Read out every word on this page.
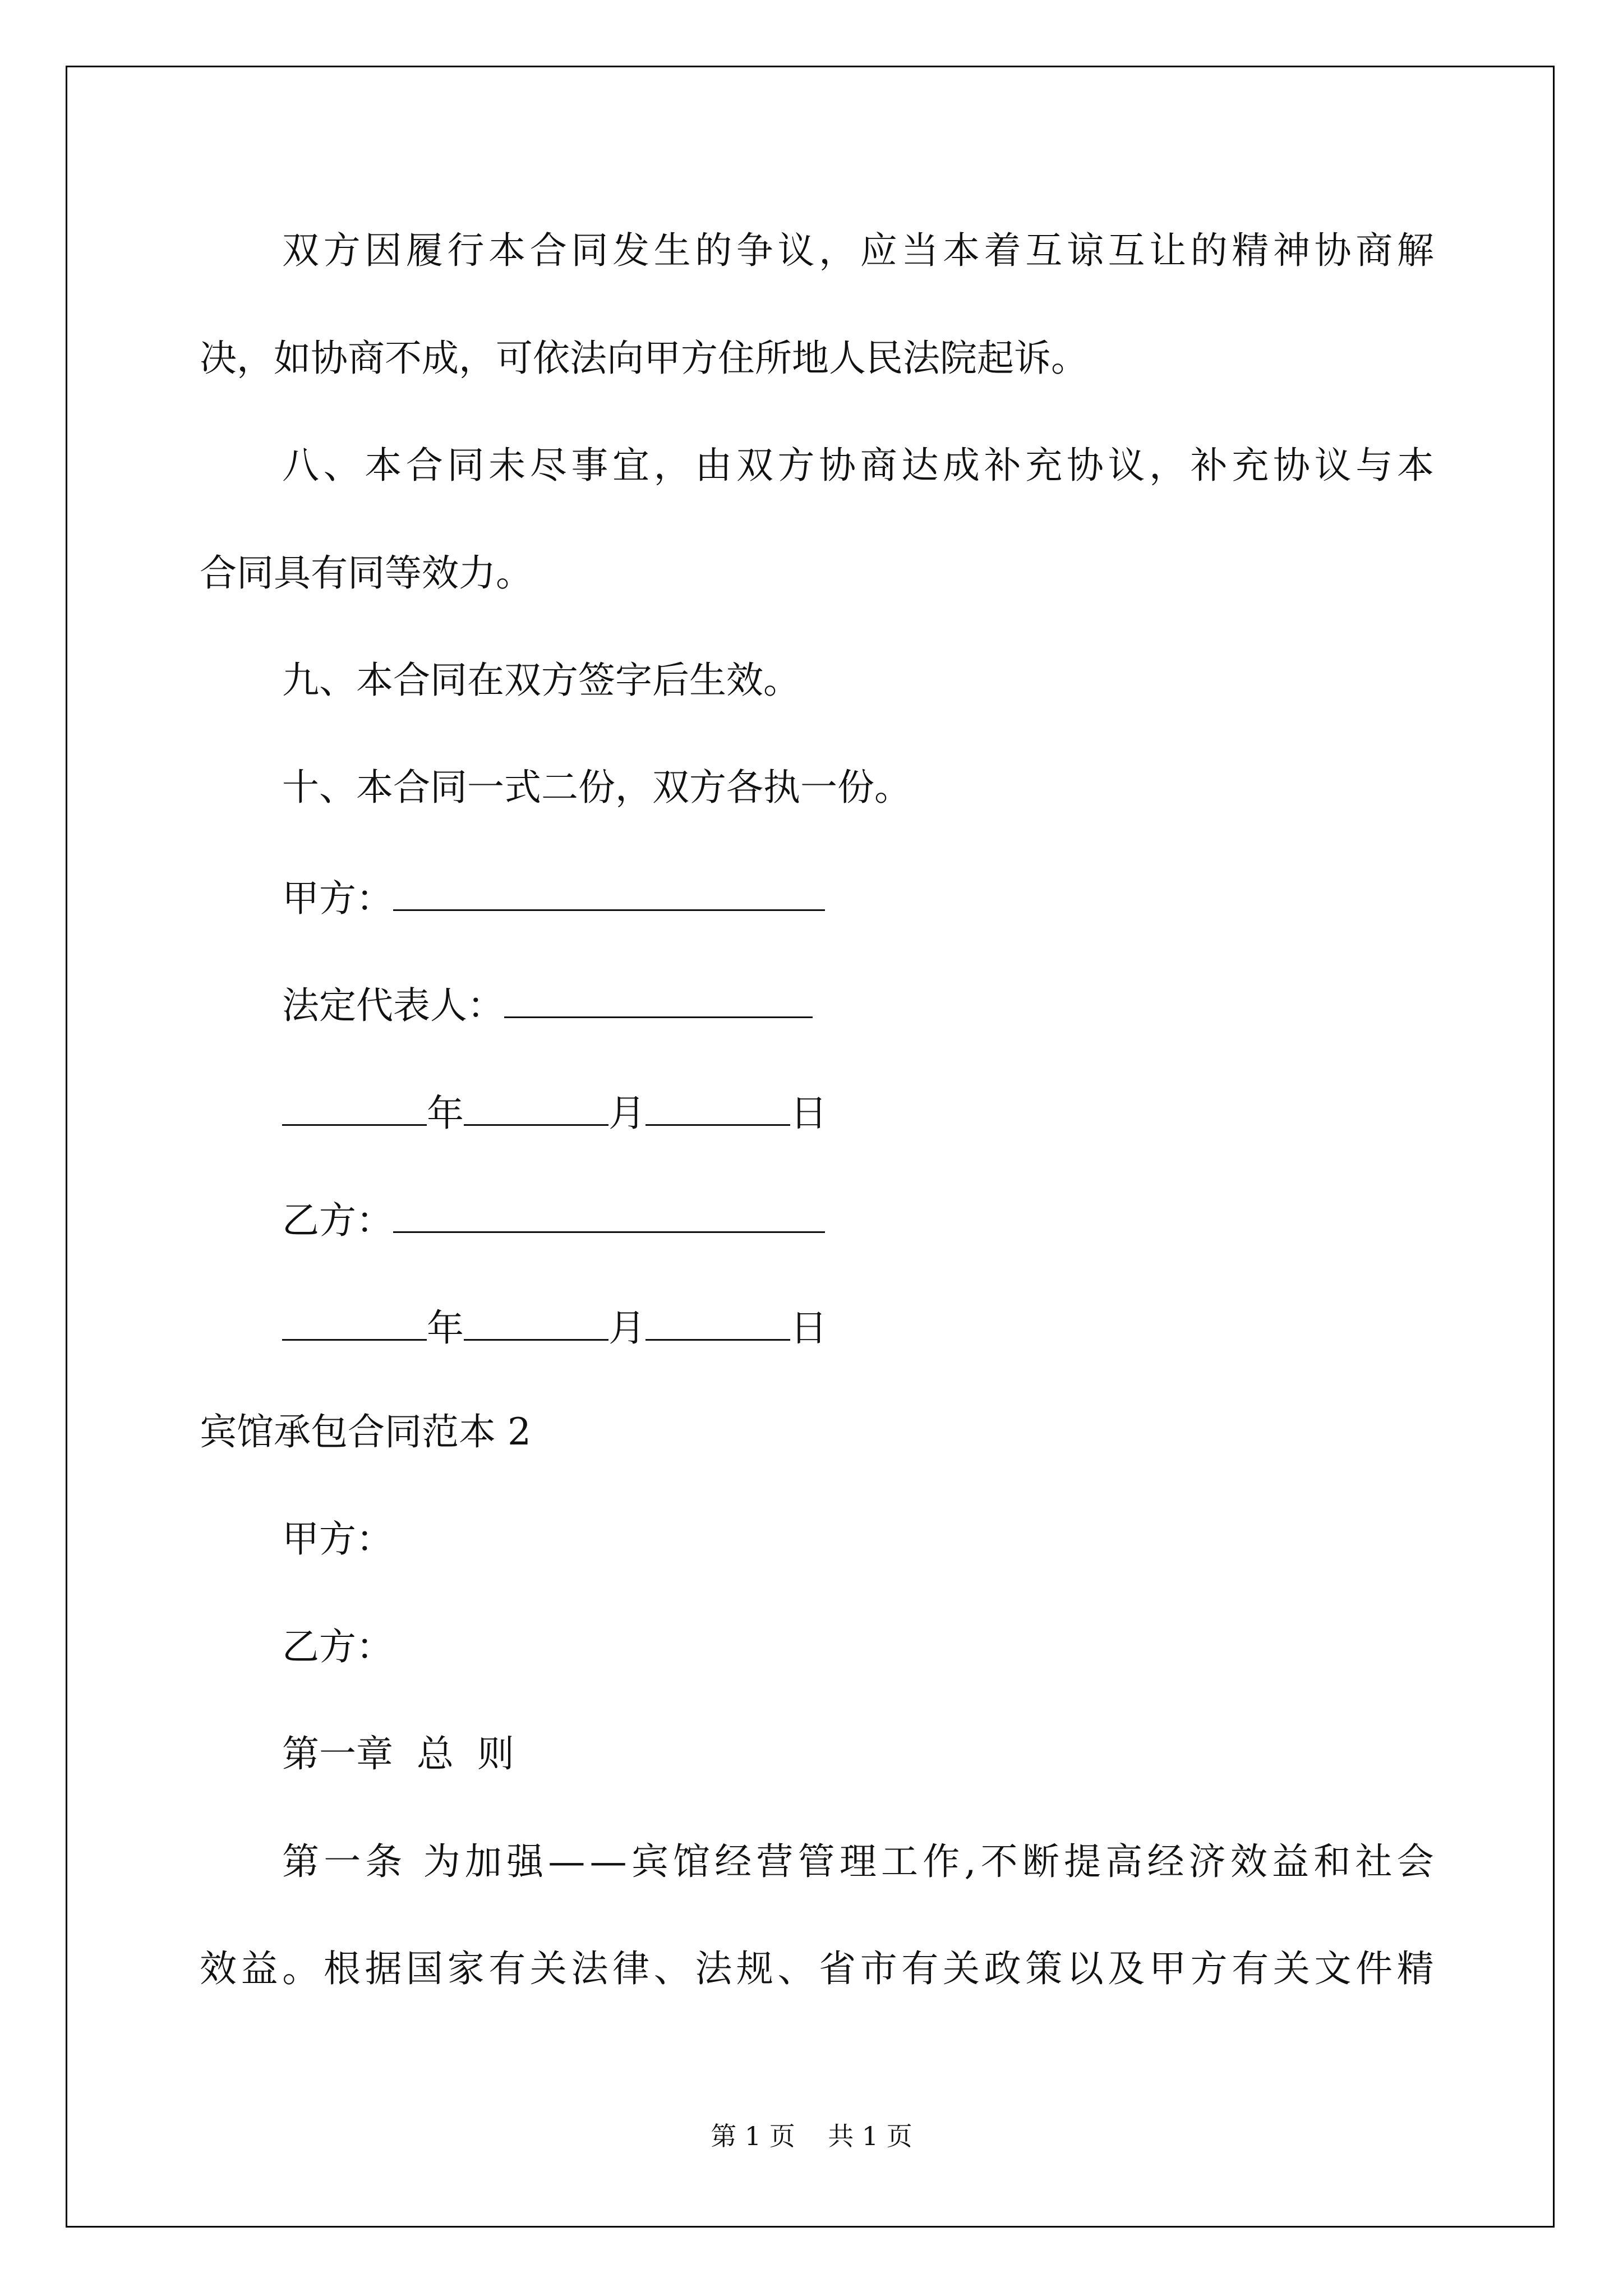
双 方 因 履 行 本 合 同 发 生 的 争 议 ， 应 当 本 着 互 谅 互 让 的 精 神 协 商 解
决，如协商不成，可依法向甲方住所地人民法院起诉。
八 、 本 合 同 未 尽 事 宜 ， 由 双 方 协 商 达 成 补 充 协 议 ， 补 充 协 议 与 本
合同具有同等效力。
九、本合同在双方签字后生效。
十、本合同一式二份，双方各执一份。
甲方：
法定代表人：
年	月	日
乙方：
年	月	日
宾馆承包合同范本 2
甲方：
乙方：
第一章  总  则
第 一 条
为 加 强 — — 宾 馆 经 营 管 理 工 作 , 不 断 提 高 经 济 效 益 和 社 会
效 益 。 根 据 国 家 有 关 法 律 、 法 规 、 省 市 有 关 政 策 以 及 甲 方 有 关 文 件 精
第 1 页    共 1 页
